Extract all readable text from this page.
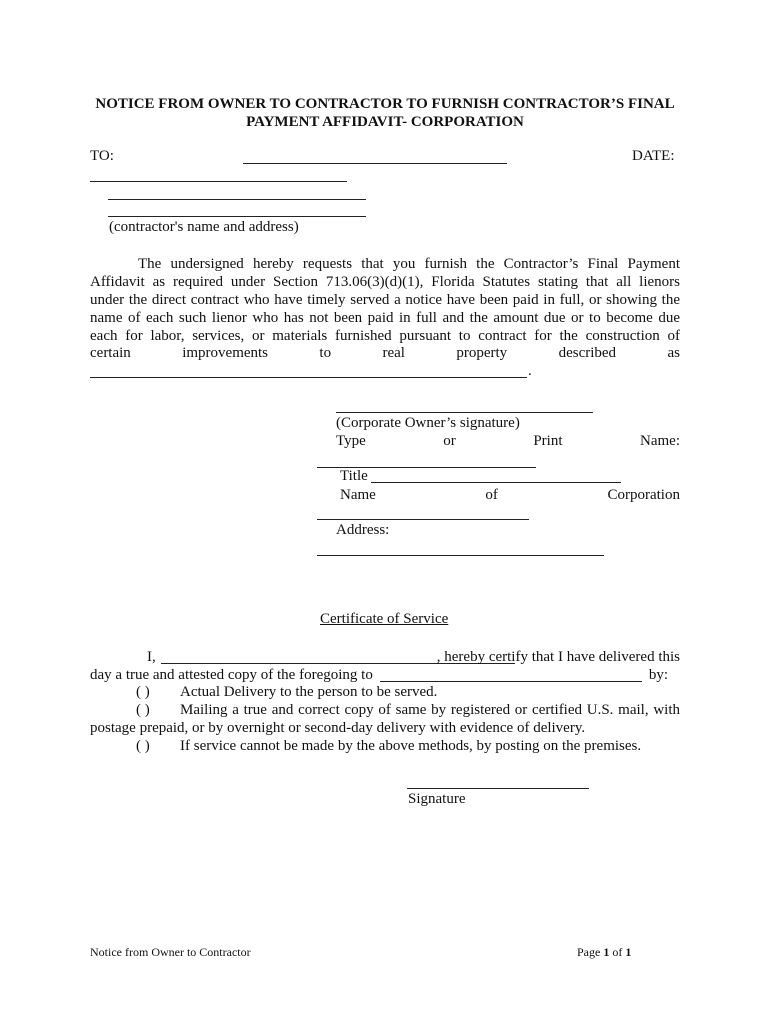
NOTICE FROM OWNER TO CONTRACTOR TO FURNISH CONTRACTOR’S FINAL
PAYMENT AFFIDAVIT- CORPORATION
TO:	DATE:
(contractor's name and address)
The undersigned hereby requests that you furnish the Contractor’s Final Payment
Affidavit as required under Section 713.06(3)(d)(1), Florida Statutes stating that all lienors
under the direct contract who have timely served a notice have been paid in full, or showing the
name of each such lienor who has not been paid in full and the amount due or to become due
each for labor, services, or materials furnished pursuant to contract for the construction of
certain	improvements	to	real	property	described	as
.
(Corporate Owner’s signature)
Type	or	Print	Name:
Title
Name	of	Corporation
Address:
Certificate of Service
I,	, hereby certify that I have delivered this
day a true and attested copy of the foregoing to	by:
( ) Actual Delivery to the person to be served.
( ) Mailing a true and correct copy of same by registered or certified U.S. mail, with
postage prepaid, or by overnight or second-day delivery with evidence of delivery.
( ) If service cannot be made by the above methods, by posting on the premises.
Signature
Notice from Owner to Contractor	Page 1 of 1
